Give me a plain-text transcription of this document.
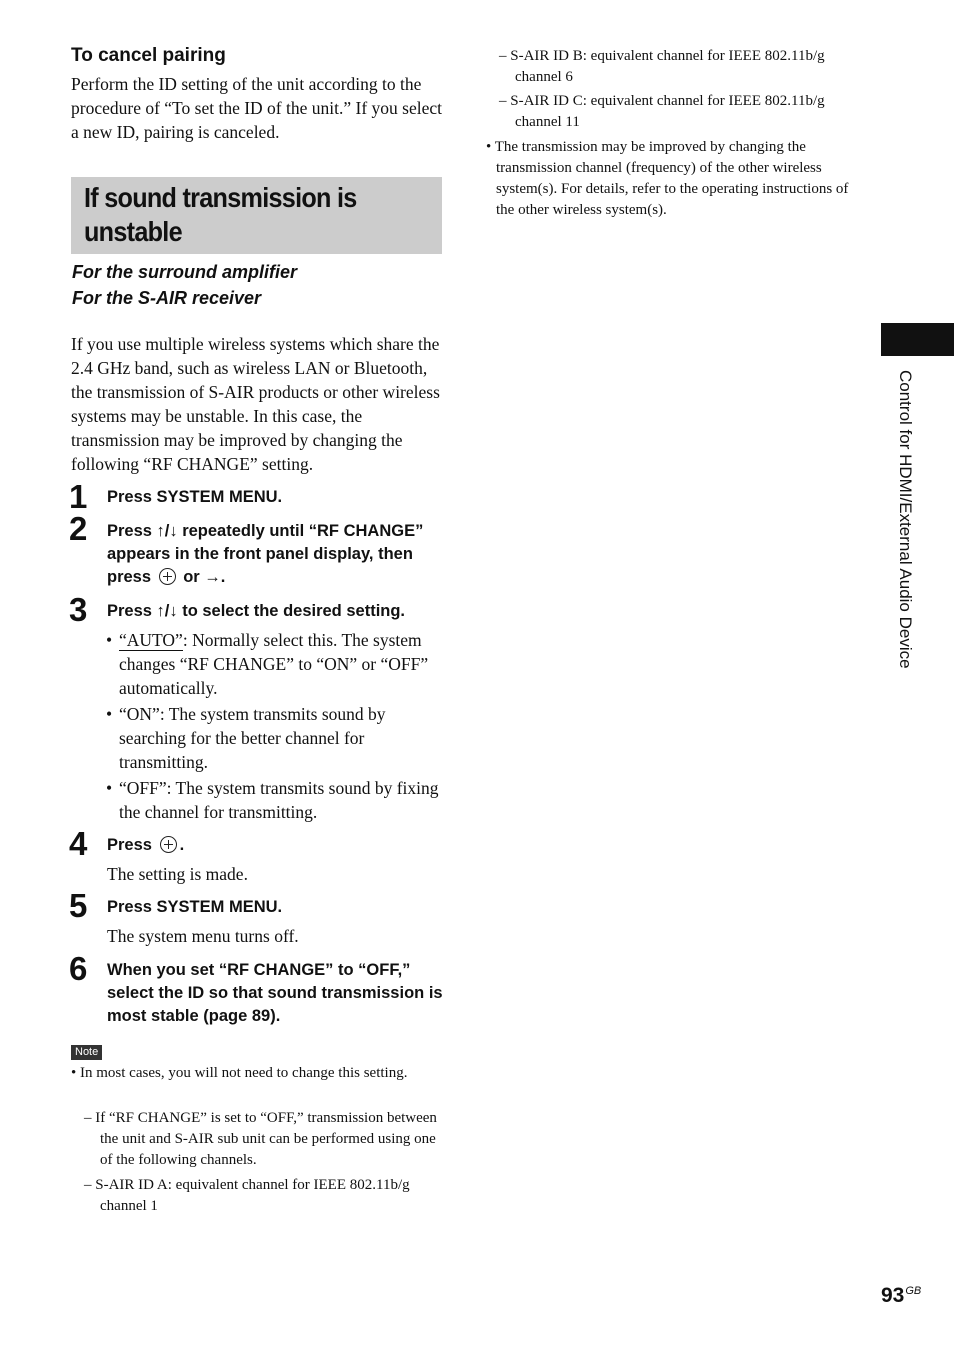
To cancel pairing
Perform the ID setting of the unit according to the procedure of “To set the ID of the unit.” If you select a new ID, pairing is canceled.
If sound transmission is
unstable
For the surround amplifier
For the S-AIR receiver
If you use multiple wireless systems which share the 2.4 GHz band, such as wireless LAN or Bluetooth, the transmission of S-AIR products or other wireless systems may be unstable. In this case, the transmission may be improved by changing the following “RF CHANGE” setting.
1 Press SYSTEM MENU.
2 Press ↑/↓ repeatedly until “RF CHANGE” appears in the front panel display, then press or →.
3 Press ↑/↓ to select the desired setting.
• “AUTO”: Normally select this. The system changes “RF CHANGE” to “ON” or “OFF” automatically.
• “ON”: The system transmits sound by searching for the better channel for transmitting.
• “OFF”: The system transmits sound by fixing the channel for transmitting.
4 Press .
The setting is made.
5 Press SYSTEM MENU.
The system menu turns off.
6 When you set “RF CHANGE” to “OFF,” select the ID so that sound transmission is most stable (page 89).
Note
• In most cases, you will not need to change this setting.
– If “RF CHANGE” is set to “OFF,” transmission between the unit and S-AIR sub unit can be performed using one of the following channels.
– S-AIR ID A: equivalent channel for IEEE 802.11b/g channel 1
– S-AIR ID B: equivalent channel for IEEE 802.11b/g channel 6
– S-AIR ID C: equivalent channel for IEEE 802.11b/g channel 11
• The transmission may be improved by changing the transmission channel (frequency) of the other wireless system(s). For details, refer to the operating instructions of the other wireless system(s).
Control for HDMI/External Audio Device
$93^{GB}$
